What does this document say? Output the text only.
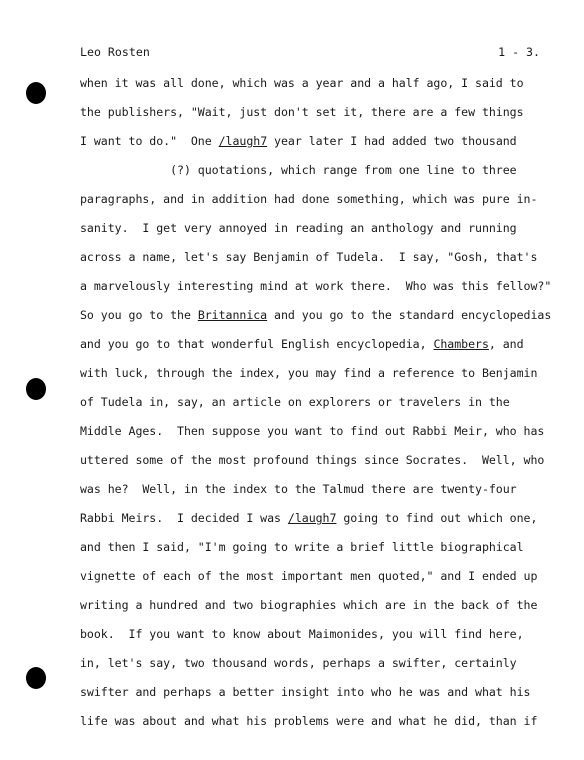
Leo Rosten

	1 - 3.

when it was all done, which was a year and a half ago, I said to
the publishers, "Wait, just don't set it, there are a few things
I want to do."  One /laugh7 year later I had added two thousand
(?) quotations, which range from one line to three
paragraphs, and in addition had done something, which was pure in-
sanity.  I get very annoyed in reading an anthology and running
across a name, let's say Benjamin of Tudela.  I say, "Gosh, that's
a marvelously interesting mind at work there.  Who was this fellow?"
So you go to the Britannica and you go to the standard encyclopedias
and you go to that wonderful English encyclopedia, Chambers, and
with luck, through the index, you may find a reference to Benjamin
of Tudela in, say, an article on explorers or travelers in the
Middle Ages.  Then suppose you want to find out Rabbi Meir, who has
uttered some of the most profound things since Socrates.  Well, who
was he?  Well, in the index to the Talmud there are twenty-four
Rabbi Meirs.  I decided I was /laugh7 going to find out which one,
and then I said, "I'm going to write a brief little biographical
vignette of each of the most important men quoted," and I ended up
writing a hundred and two biographies which are in the back of the
book.  If you want to know about Maimonides, you will find here,
in, let's say, two thousand words, perhaps a swifter, certainly
swifter and perhaps a better insight into who he was and what his
life was about and what his problems were and what he did, than if
